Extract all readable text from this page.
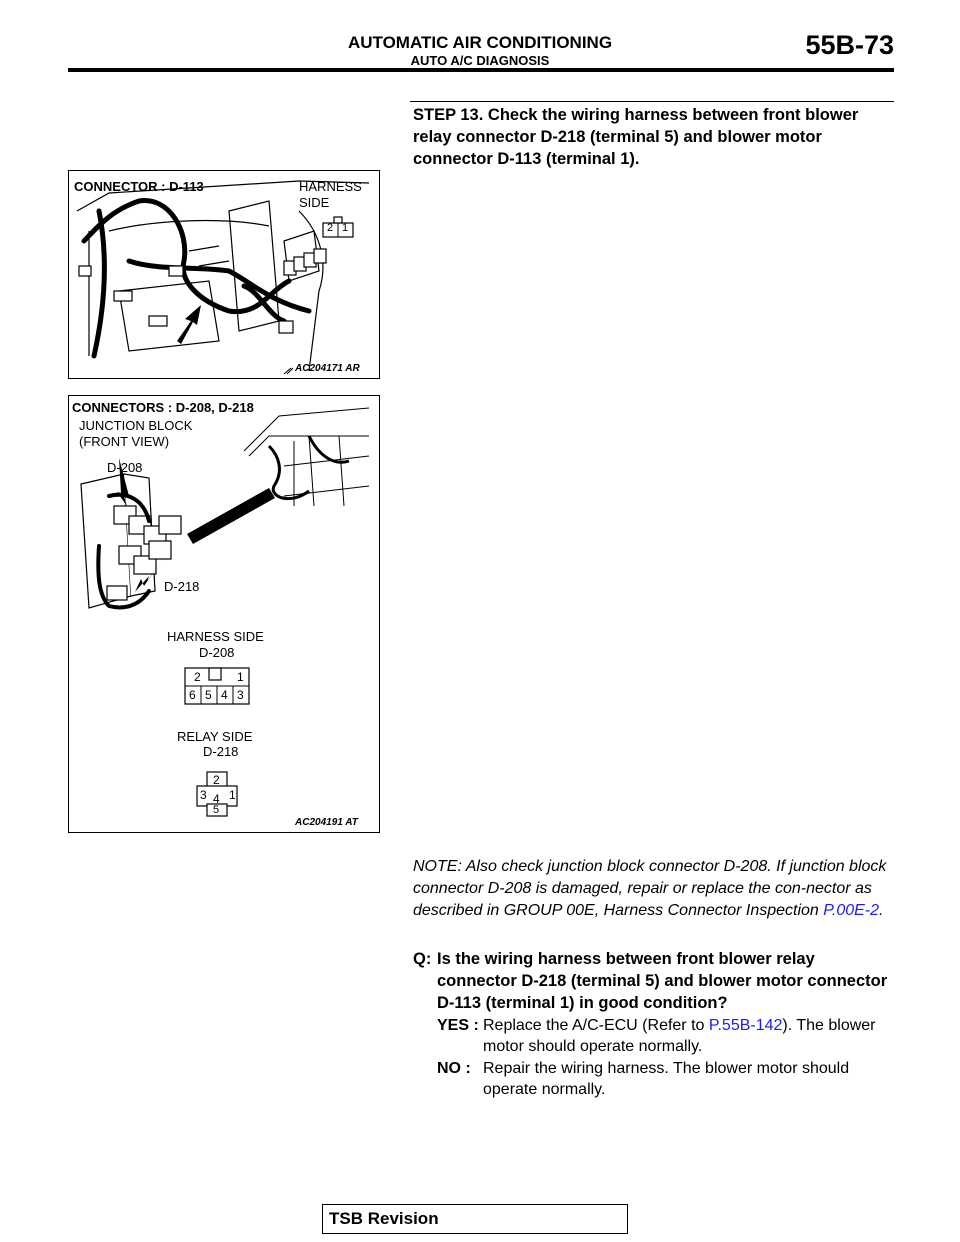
AUTOMATIC AIR CONDITIONING
AUTO A/C DIAGNOSIS
55B-73
STEP 13. Check the wiring harness between front blower relay connector D-218 (terminal 5) and blower motor connector D-113 (terminal 1).
CONNECTOR : D-113	HARNESS
SIDE
2 1
AC204171 AR
CONNECTORS : D-208, D-218
JUNCTION BLOCK
(FRONT VIEW)
D-208
D-218
HARNESS SIDE
D-208
2	1
6 5 4 3
RELAY SIDE
D-218
2
3 4 1
5
AC204191 AT
NOTE: Also check junction block connector D-208. If junction block connector D-208 is damaged, repair or replace the con-nector as described in GROUP 00E, Harness Connector Inspection P.00E-2.
Q: Is the wiring harness between front blower relay connector D-218 (terminal 5) and blower motor connector D-113 (terminal 1) in good condition?
YES : Replace the A/C-ECU (Refer to P.55B-142). The blower motor should operate normally.
NO : Repair the wiring harness. The blower motor should operate normally.
TSB Revision
